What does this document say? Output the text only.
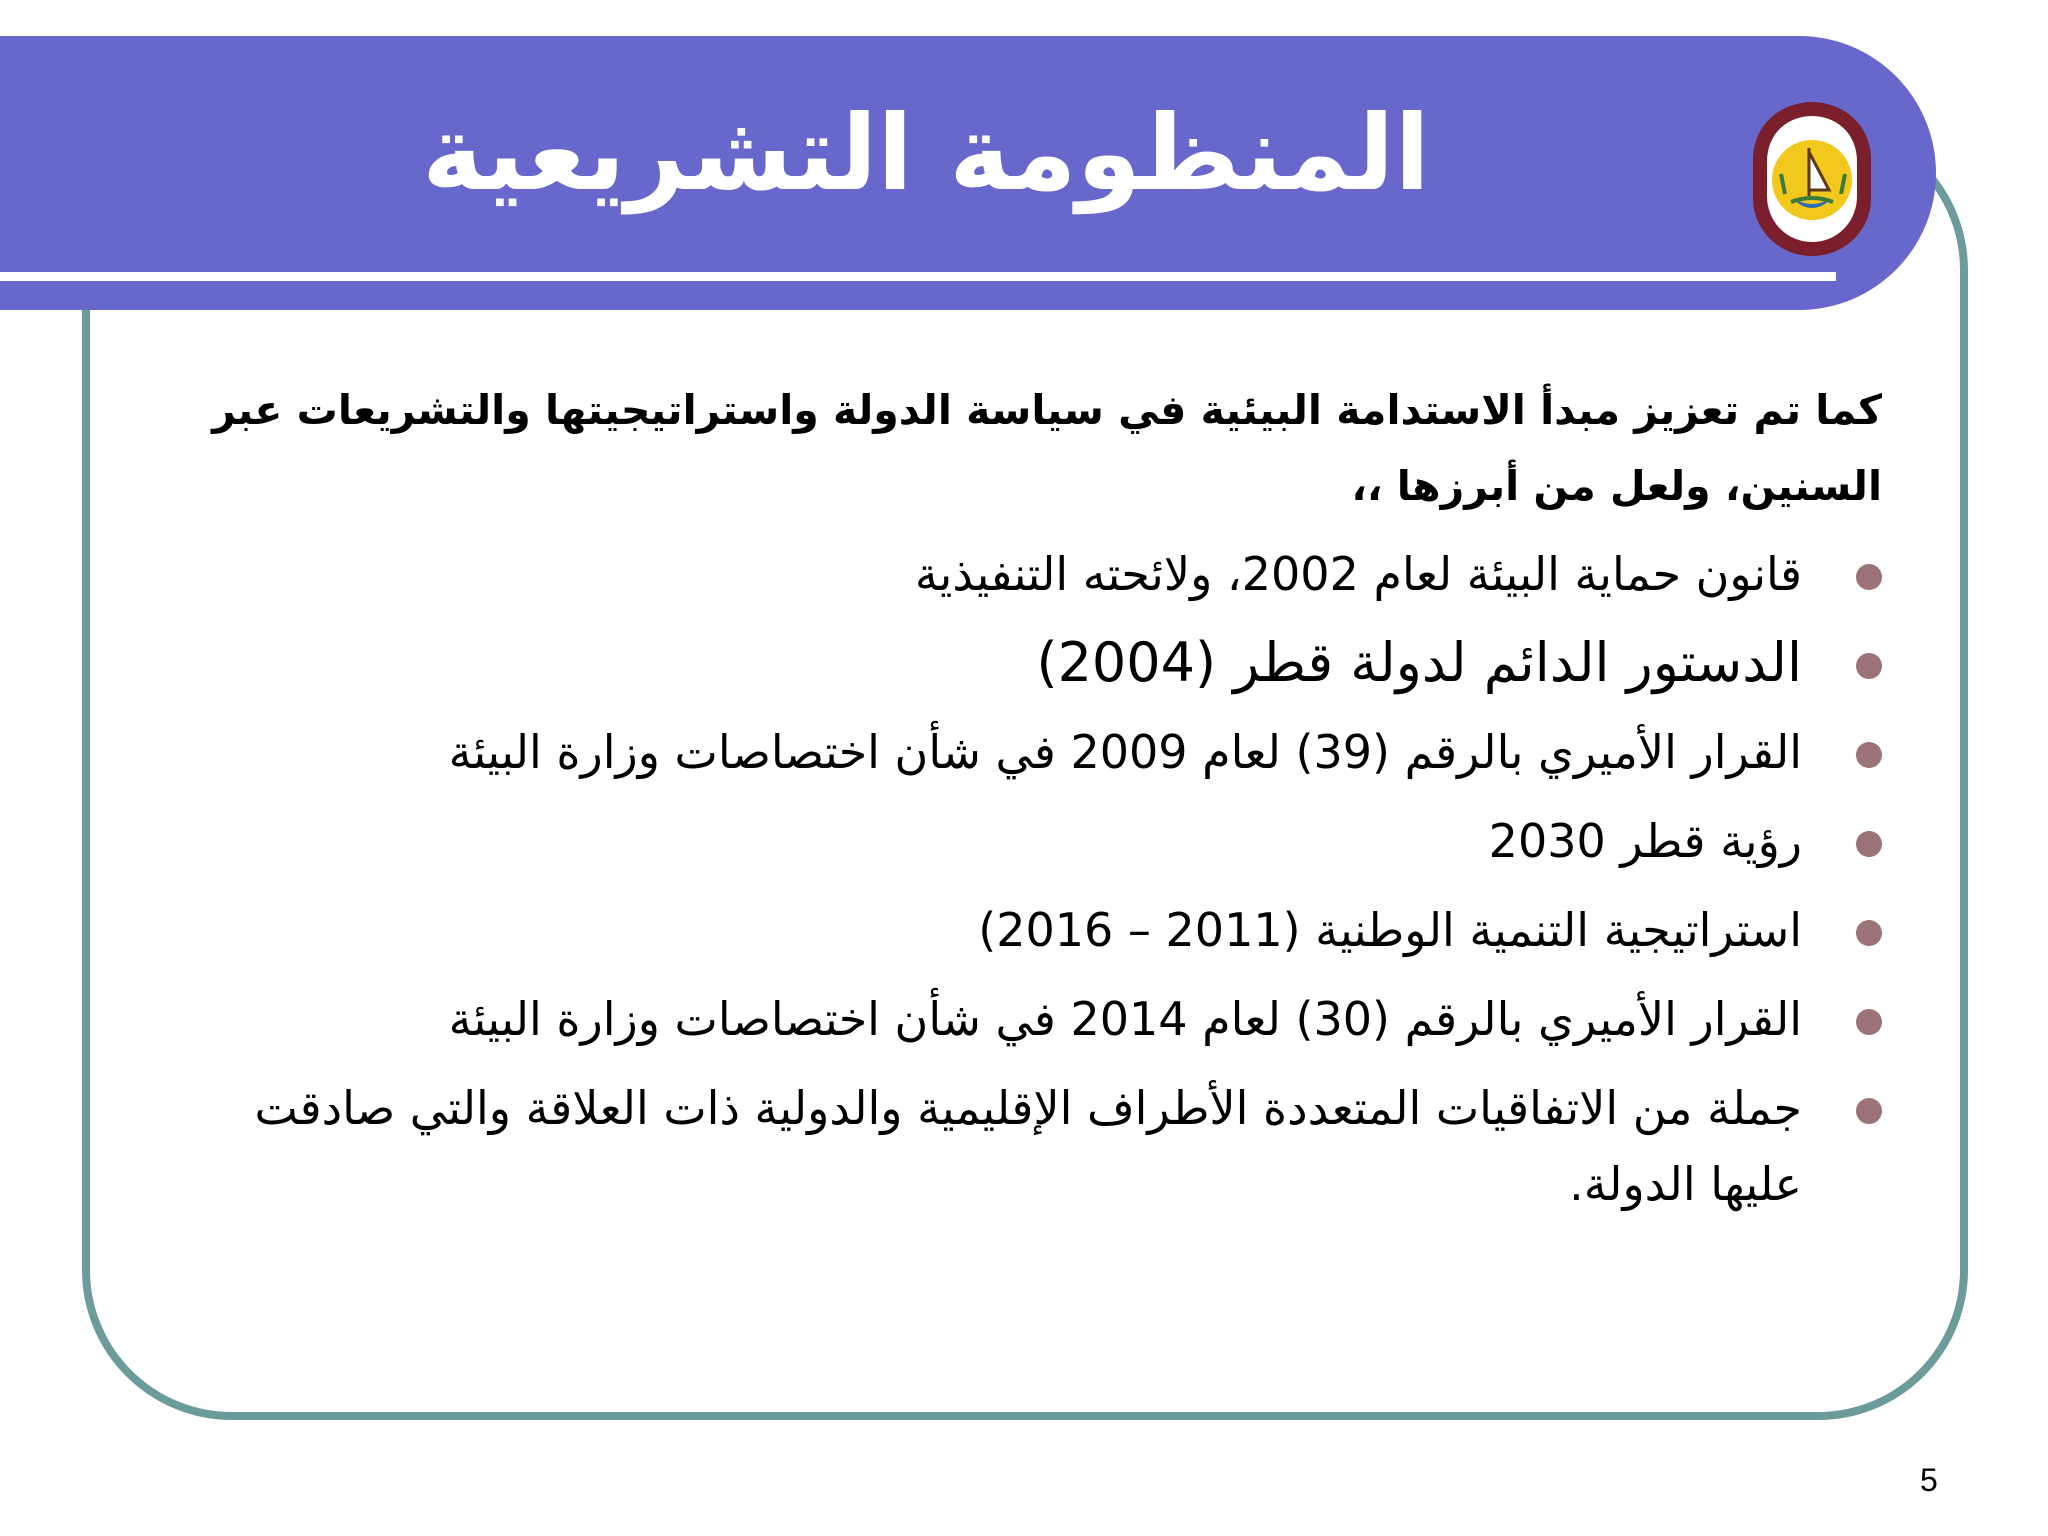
المنظومة التشريعية

كما تم تعزيز مبدأ الاستدامة البيئية في سياسة الدولة واستراتيجيتها والتشريعات عبر السنين، ولعل من أبرزها ،،

قانون حماية البيئة لعام 2002، ولائحته التنفيذية
الدستور الدائم لدولة قطر (2004)
القرار الأميري بالرقم (39) لعام 2009 في شأن اختصاصات وزارة البيئة
رؤية قطر 2030
استراتيجية التنمية الوطنية (2011 – 2016)
القرار الأميري بالرقم (30) لعام 2014 في شأن اختصاصات وزارة البيئة
جملة من الاتفاقيات المتعددة الأطراف الإقليمية والدولية ذات العلاقة والتي صادقت عليها الدولة.
5
